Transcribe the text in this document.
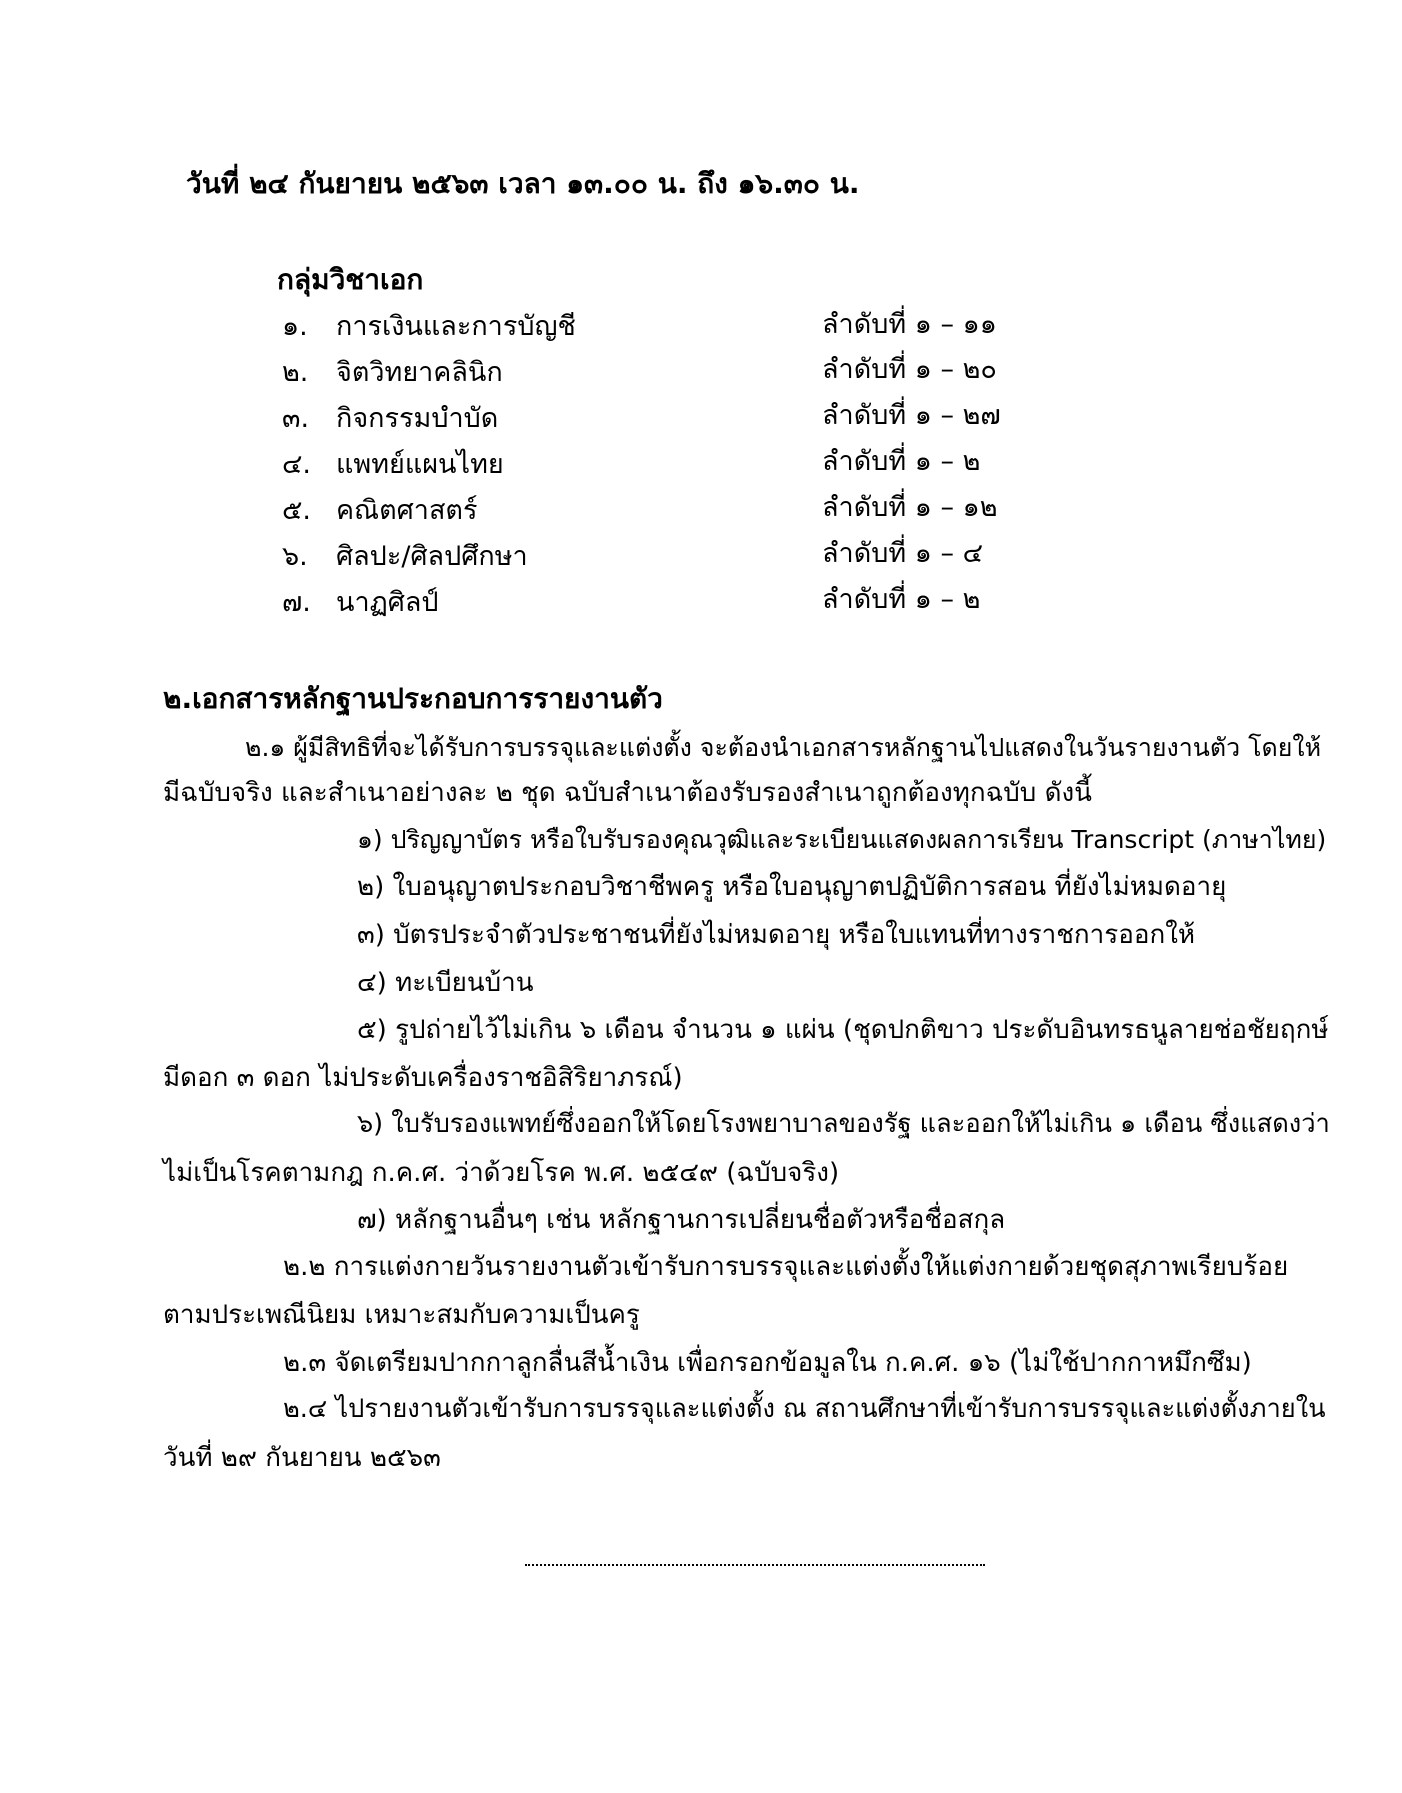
วันที่ ๒๔ กันยายน ๒๕๖๓ เวลา ๑๓.๐๐ น. ถึง ๑๖.๓๐ น.
กลุ่มวิชาเอก
๑. การเงินและการบัญชี	ลำดับที่ ๑ – ๑๑
๒. จิตวิทยาคลินิก	ลำดับที่ ๑ – ๒๐
๓. กิจกรรมบำบัด	ลำดับที่ ๑ – ๒๗
๔. แพทย์แผนไทย	ลำดับที่ ๑ – ๒
๕. คณิตศาสตร์	ลำดับที่ ๑ – ๑๒
๖. ศิลปะ/ศิลปศึกษา	ลำดับที่ ๑ – ๔
๗. นาฏศิลป์	ลำดับที่ ๑ – ๒
๒.เอกสารหลักฐานประกอบการรายงานตัว
๒.๑ ผู้มีสิทธิที่จะได้รับการบรรจุและแต่งตั้ง จะต้องนำเอกสารหลักฐานไปแสดงในวันรายงานตัว โดยให้
มีฉบับจริง และสำเนาอย่างละ ๒ ชุด ฉบับสำเนาต้องรับรองสำเนาถูกต้องทุกฉบับ ดังนี้
๑) ปริญญาบัตร หรือใบรับรองคุณวุฒิและระเบียนแสดงผลการเรียน Transcript (ภาษาไทย)
๒) ใบอนุญาตประกอบวิชาชีพครู หรือใบอนุญาตปฏิบัติการสอน ที่ยังไม่หมดอายุ
๓) บัตรประจำตัวประชาชนที่ยังไม่หมดอายุ หรือใบแทนที่ทางราชการออกให้
๔) ทะเบียนบ้าน
๕) รูปถ่ายไว้ไม่เกิน ๖ เดือน จำนวน ๑ แผ่น (ชุดปกติขาว ประดับอินทรธนูลายช่อชัยฤกษ์
มีดอก ๓ ดอก ไม่ประดับเครื่องราชอิสิริยาภรณ์)
๖) ใบรับรองแพทย์ซึ่งออกให้โดยโรงพยาบาลของรัฐ และออกให้ไม่เกิน ๑ เดือน ซึ่งแสดงว่า
ไม่เป็นโรคตามกฎ ก.ค.ศ. ว่าด้วยโรค พ.ศ. ๒๕๔๙ (ฉบับจริง)
๗) หลักฐานอื่นๆ เช่น หลักฐานการเปลี่ยนชื่อตัวหรือชื่อสกุล
๒.๒ การแต่งกายวันรายงานตัวเข้ารับการบรรจุและแต่งตั้งให้แต่งกายด้วยชุดสุภาพเรียบร้อย
ตามประเพณีนิยม เหมาะสมกับความเป็นครู
๒.๓ จัดเตรียมปากกาลูกลื่นสีน้ำเงิน เพื่อกรอกข้อมูลใน ก.ค.ศ. ๑๖ (ไม่ใช้ปากกาหมึกซึม)
๒.๔ ไปรายงานตัวเข้ารับการบรรจุและแต่งตั้ง ณ สถานศึกษาที่เข้ารับการบรรจุและแต่งตั้งภายใน
วันที่ ๒๙ กันยายน ๒๕๖๓
